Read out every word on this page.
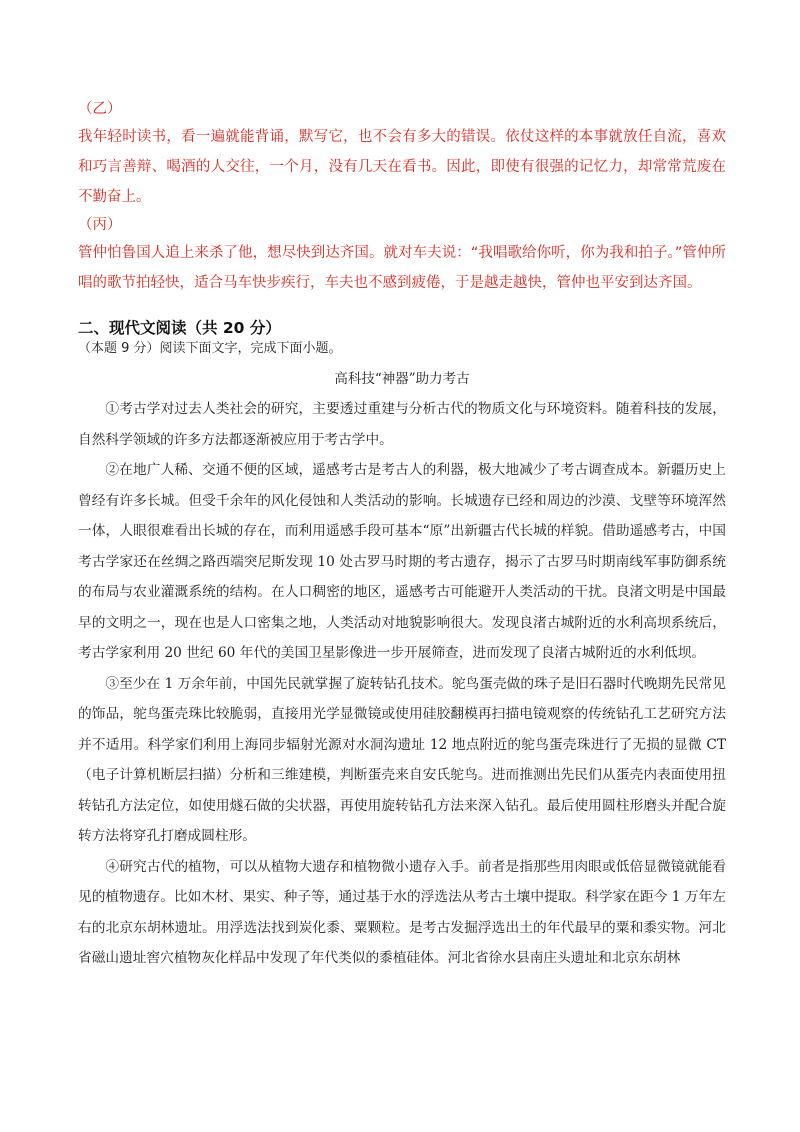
（乙）

我年轻时读书，看一遍就能背诵，默写它，也不会有多大的错误。依仗这样的本事就放任自流，喜欢和巧言善辩、喝酒的人交往，一个月，没有几天在看书。因此，即使有很强的记忆力，却常常荒废在不勤奋上。

（丙）

管仲怕鲁国人追上来杀了他，想尽快到达齐国。就对车夫说：“我唱歌给你听，你为我和拍子。”管仲所唱的歌节拍轻快，适合马车快步疾行，车夫也不感到疲倦，于是越走越快，管仲也平安到达齐国。

二、现代文阅读（共 20 分）
（本题 9 分）阅读下面文字，完成下面小题。
高科技“神器”助力考古

①考古学对过去人类社会的研究，主要透过重建与分析古代的物质文化与环境资料。随着科技的发展，自然科学领域的许多方法都逐渐被应用于考古学中。

②在地广人稀、交通不便的区域，遥感考古是考古人的利器，极大地减少了考古调查成本。新疆历史上曾经有许多长城。但受千余年的风化侵蚀和人类活动的影响。长城遗存已经和周边的沙漠、戈壁等环境浑然一体，人眼很难看出长城的存在，而利用遥感手段可基本“原”出新疆古代长城的样貌。借助遥感考古，中国考古学家还在丝绸之路西端突尼斯发现 10 处古罗马时期的考古遗存，揭示了古罗马时期南线军事防御系统的布局与农业灌溉系统的结构。在人口稠密的地区，遥感考古可能避开人类活动的干扰。良渚文明是中国最早的文明之一，现在也是人口密集之地，人类活动对地貌影响很大。发现良渚古城附近的水利高坝系统后，考古学家利用 20 世纪 60 年代的美国卫星影像进一步开展筛查，进而发现了良渚古城附近的水利低坝。

③至少在 1 万余年前，中国先民就掌握了旋转钻孔技术。鸵鸟蛋壳做的珠子是旧石器时代晚期先民常见的饰品，鸵鸟蛋壳珠比较脆弱，直接用光学显微镜或使用硅胶翻模再扫描电镜观察的传统钻孔工艺研究方法并不适用。科学家们利用上海同步辐射光源对水洞沟遗址 12 地点附近的鸵鸟蛋壳珠进行了无损的显微 CT（电子计算机断层扫描）分析和三维建模，判断蛋壳来自安氏鸵鸟。进而推测出先民们从蛋壳内表面使用扭转钻孔方法定位，如使用燧石做的尖状器，再使用旋转钻孔方法来深入钻孔。最后使用圆柱形磨头并配合旋转方法将穿孔打磨成圆柱形。

④研究古代的植物，可以从植物大遗存和植物微小遗存入手。前者是指那些用肉眼或低倍显微镜就能看见的植物遗存。比如木材、果实、种子等，通过基于水的浮选法从考古土壤中提取。科学家在距今 1 万年左右的北京东胡林遗址。用浮选法找到炭化黍、粟颗粒。是考古发掘浮选出土的年代最早的粟和黍实物。河北省磁山遗址窖穴植物灰化样品中发现了年代类似的黍植硅体。河北省徐水县南庄头遗址和北京东胡林
